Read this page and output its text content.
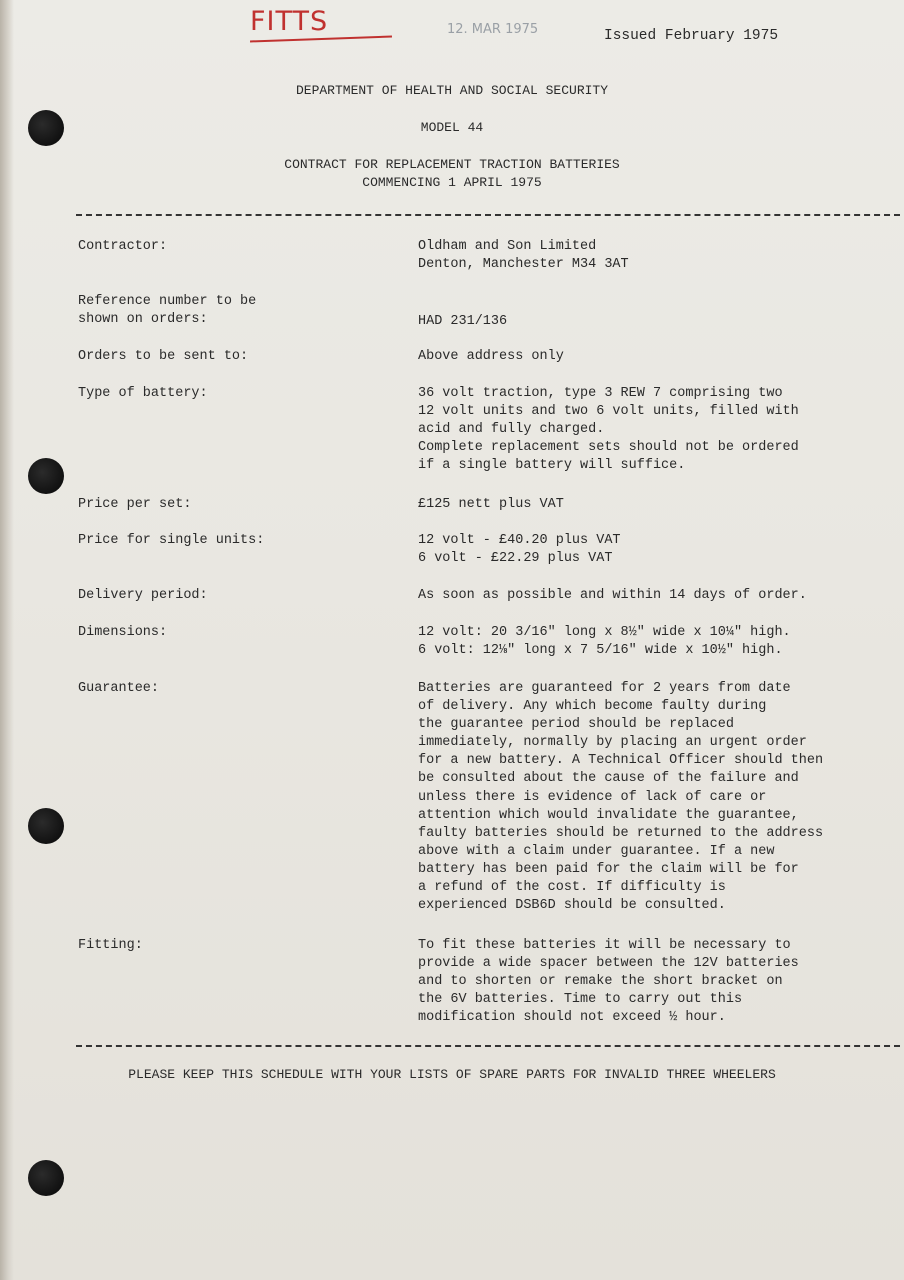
FITTS	12. MAR 1975	Issued February 1975
DEPARTMENT OF HEALTH AND SOCIAL SECURITY
MODEL 44
CONTRACT FOR REPLACEMENT TRACTION BATTERIES
COMMENCING 1 APRIL 1975
Contractor:	Oldham and Son Limited
Denton, Manchester M34 3AT
Reference number to be
shown on orders:	HAD 231/136
Orders to be sent to:	Above address only
Type of battery:	36 volt traction, type 3 REW 7 comprising two
12 volt units and two 6 volt units, filled with
acid and fully charged.
Complete replacement sets should not be ordered
if a single battery will suffice.
Price per set:	£125 nett plus VAT
Price for single units:	12 volt - £40.20 plus VAT
6 volt - £22.29 plus VAT
Delivery period:	As soon as possible and within 14 days of order.
Dimensions:	12 volt: 20 3/16" long x 8½" wide x 10¼" high.
6 volt: 12⅛" long x 7 5/16" wide x 10½" high.
Guarantee:	Batteries are guaranteed for 2 years from date
of delivery. Any which become faulty during
the guarantee period should be replaced
immediately, normally by placing an urgent order
for a new battery. A Technical Officer should then
be consulted about the cause of the failure and
unless there is evidence of lack of care or
attention which would invalidate the guarantee,
faulty batteries should be returned to the address
above with a claim under guarantee. If a new
battery has been paid for the claim will be for
a refund of the cost. If difficulty is
experienced DSB6D should be consulted.
Fitting:	To fit these batteries it will be necessary to
provide a wide spacer between the 12V batteries
and to shorten or remake the short bracket on
the 6V batteries. Time to carry out this
modification should not exceed ½ hour.
PLEASE KEEP THIS SCHEDULE WITH YOUR LISTS OF SPARE PARTS FOR INVALID THREE WHEELERS
